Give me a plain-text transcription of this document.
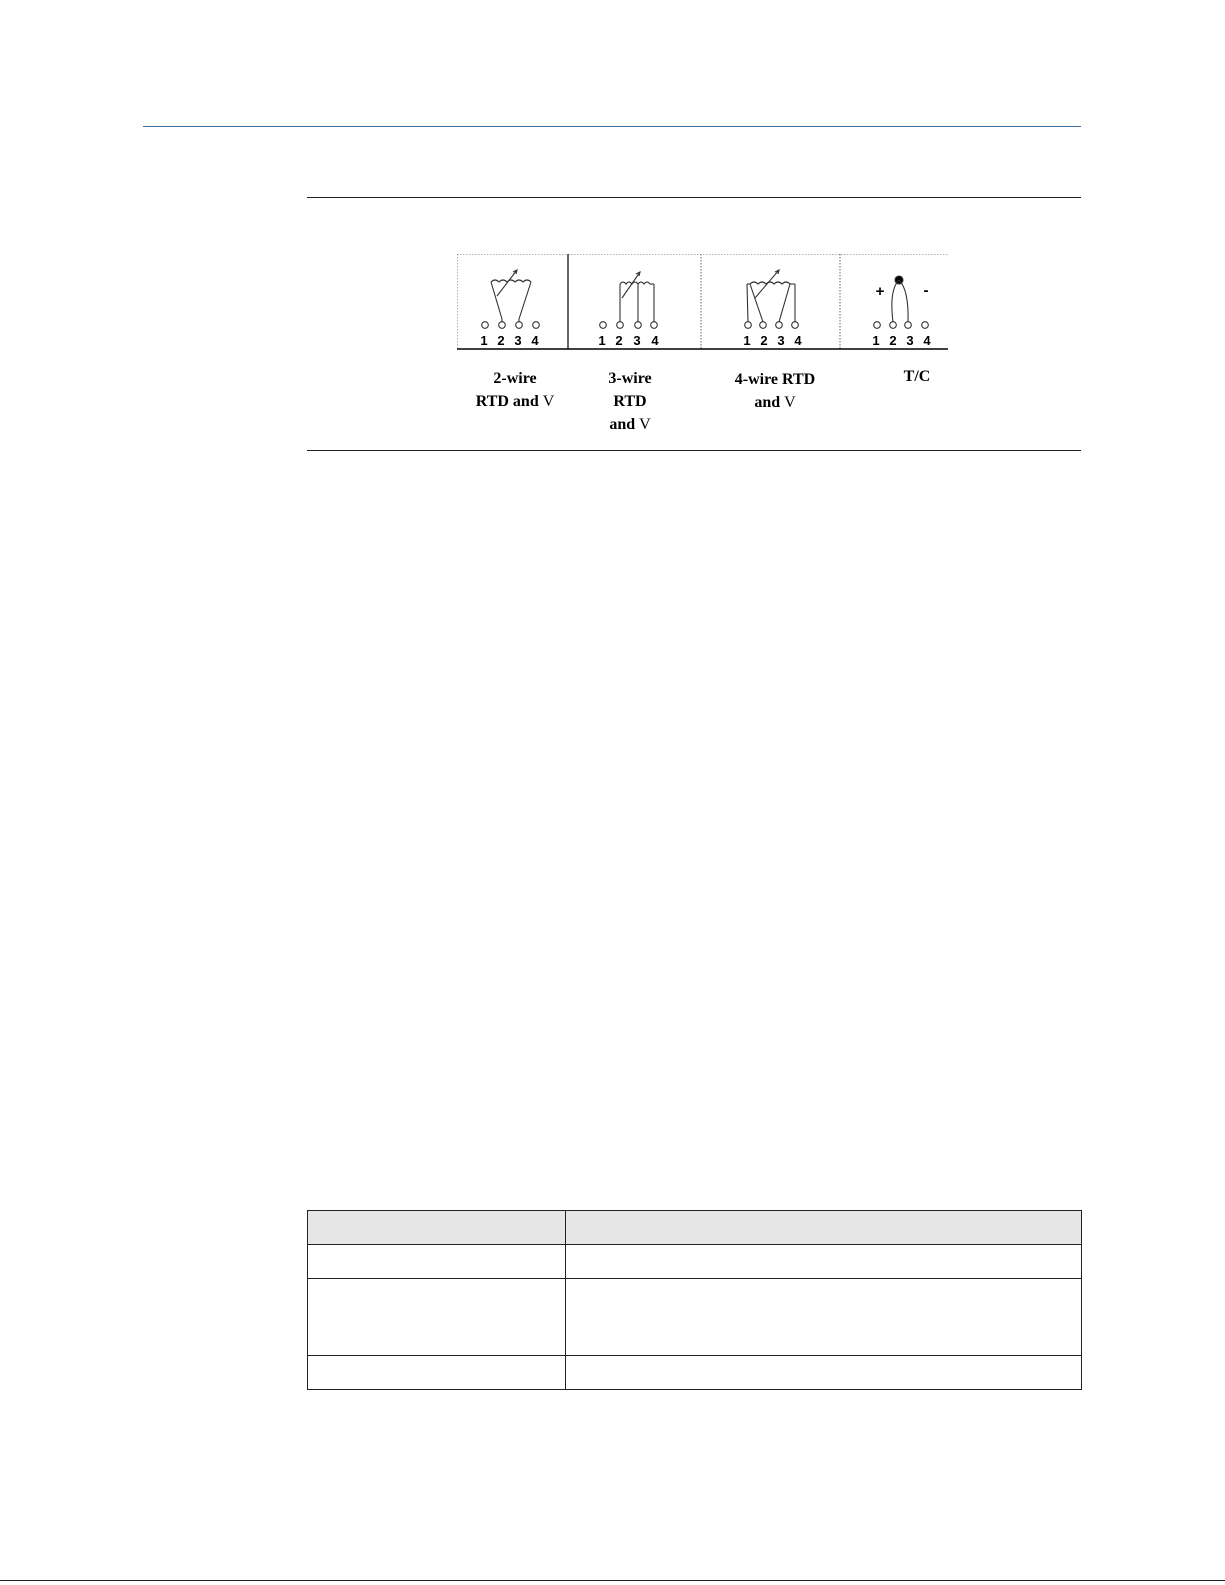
1 2 3 4	1 2 3 4	1 2 3 4
+	-
1 2 3 4
2-wire
RTD and V
3-wire
RTD
and V
4-wire RTD
and V
T/C
